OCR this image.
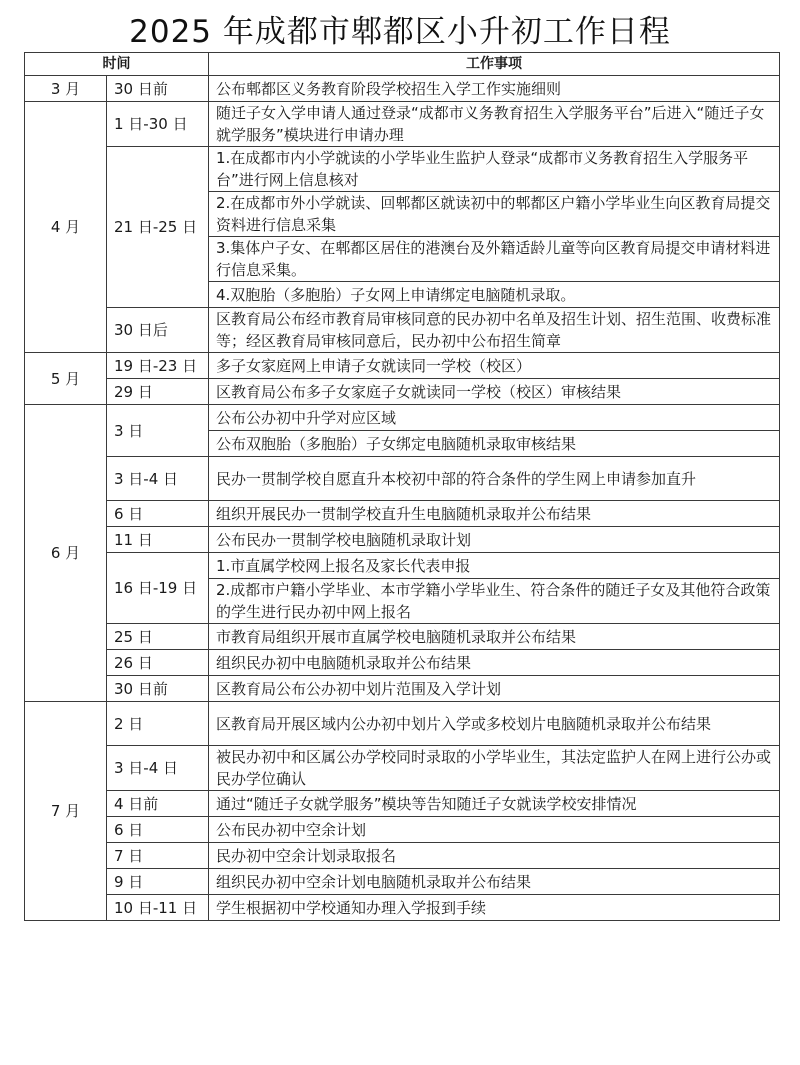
2025 年成都市郫都区小升初工作日程
时间		工作事项
3 月	30 日前	公布郫都区义务教育阶段学校招生入学工作实施细则
4 月	1 日-30 日	随迁子女入学申请人通过登录“成都市义务教育招生入学服务平台”后进入“随迁子女就学服务”模块进行申请办理
	21 日-25 日	1.在成都市内小学就读的小学毕业生监护人登录“成都市义务教育招生入学服务平台”进行网上信息核对
		2.在成都市外小学就读、回郫都区就读初中的郫都区户籍小学毕业生向区教育局提交资料进行信息采集
		3.集体户子女、在郫都区居住的港澳台及外籍适龄儿童等向区教育局提交申请材料进行信息采集。
		4.双胞胎（多胞胎）子女网上申请绑定电脑随机录取。
	30 日后	区教育局公布经市教育局审核同意的民办初中名单及招生计划、招生范围、收费标准等；经区教育局审核同意后，民办初中公布招生简章
5 月	19 日-23 日	多子女家庭网上申请子女就读同一学校（校区）
	29 日	区教育局公布多子女家庭子女就读同一学校（校区）审核结果
6 月	3 日	公布公办初中升学对应区域
		公布双胞胎（多胞胎）子女绑定电脑随机录取审核结果
	3 日-4 日	民办一贯制学校自愿直升本校初中部的符合条件的学生网上申请参加直升
	6 日	组织开展民办一贯制学校直升生电脑随机录取并公布结果
	11 日	公布民办一贯制学校电脑随机录取计划
	16 日-19 日	1.市直属学校网上报名及家长代表申报
		2.成都市户籍小学毕业、本市学籍小学毕业生、符合条件的随迁子女及其他符合政策的学生进行民办初中网上报名
	25 日	市教育局组织开展市直属学校电脑随机录取并公布结果
	26 日	组织民办初中电脑随机录取并公布结果
	30 日前	区教育局公布公办初中划片范围及入学计划
7 月	2 日	区教育局开展区域内公办初中划片入学或多校划片电脑随机录取并公布结果
	3 日-4 日	被民办初中和区属公办学校同时录取的小学毕业生，其法定监护人在网上进行公办或民办学位确认
	4 日前	通过“随迁子女就学服务”模块等告知随迁子女就读学校安排情况
	6 日	公布民办初中空余计划
	7 日	民办初中空余计划录取报名
	9 日	组织民办初中空余计划电脑随机录取并公布结果
	10 日-11 日	学生根据初中学校通知办理入学报到手续
